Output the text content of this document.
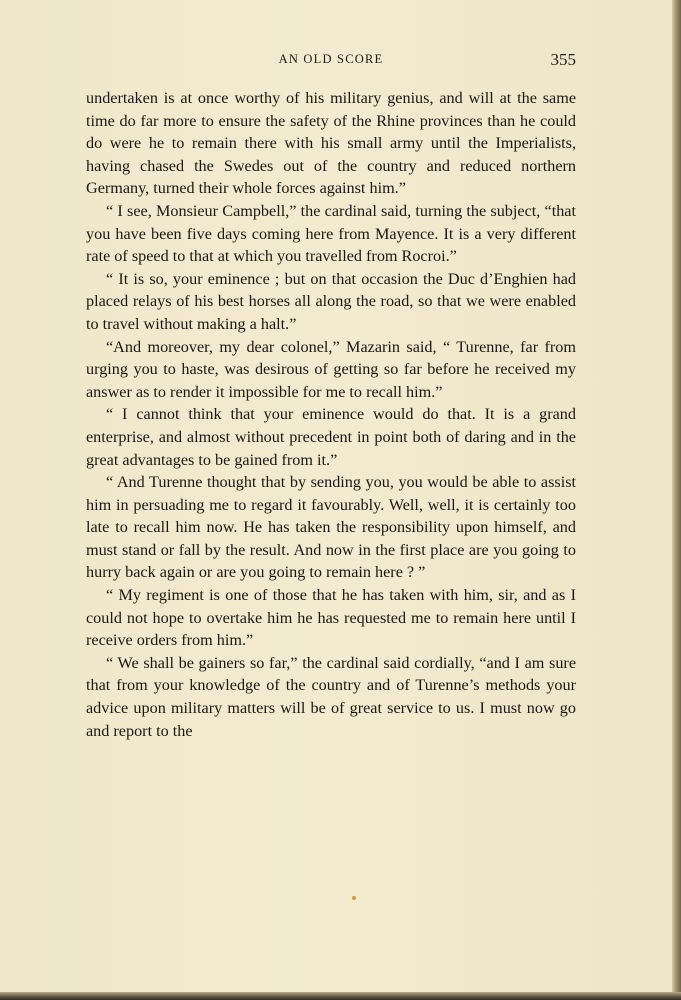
AN OLD SCORE	355

undertaken is at once worthy of his military genius, and will at the same time do far more to ensure the safety of the Rhine provinces than he could do were he to remain there with his small army until the Imperialists, having chased the Swedes out of the country and reduced northern Germany, turned their whole forces against him.”

“ I see, Monsieur Campbell,” the cardinal said, turning the subject, “that you have been five days coming here from Mayence. It is a very different rate of speed to that at which you travelled from Rocroi.”

“ It is so, your eminence ; but on that occasion the Duc d’Enghien had placed relays of his best horses all along the road, so that we were enabled to travel without making a halt.”

“And moreover, my dear colonel,” Mazarin said, “ Turenne, far from urging you to haste, was desirous of getting so far before he received my answer as to render it impossible for me to recall him.”

“ I cannot think that your eminence would do that. It is a grand enterprise, and almost without precedent in point both of daring and in the great advantages to be gained from it.”

“ And Turenne thought that by sending you, you would be able to assist him in persuading me to regard it favourably. Well, well, it is certainly too late to recall him now. He has taken the responsibility upon himself, and must stand or fall by the result. And now in the first place are you going to hurry back again or are you going to remain here ? ”

“ My regiment is one of those that he has taken with him, sir, and as I could not hope to overtake him he has requested me to remain here until I receive orders from him.”

“ We shall be gainers so far,” the cardinal said cordially, “and I am sure that from your knowledge of the country and of Turenne’s methods your advice upon military matters will be of great service to us. I must now go and report to the
